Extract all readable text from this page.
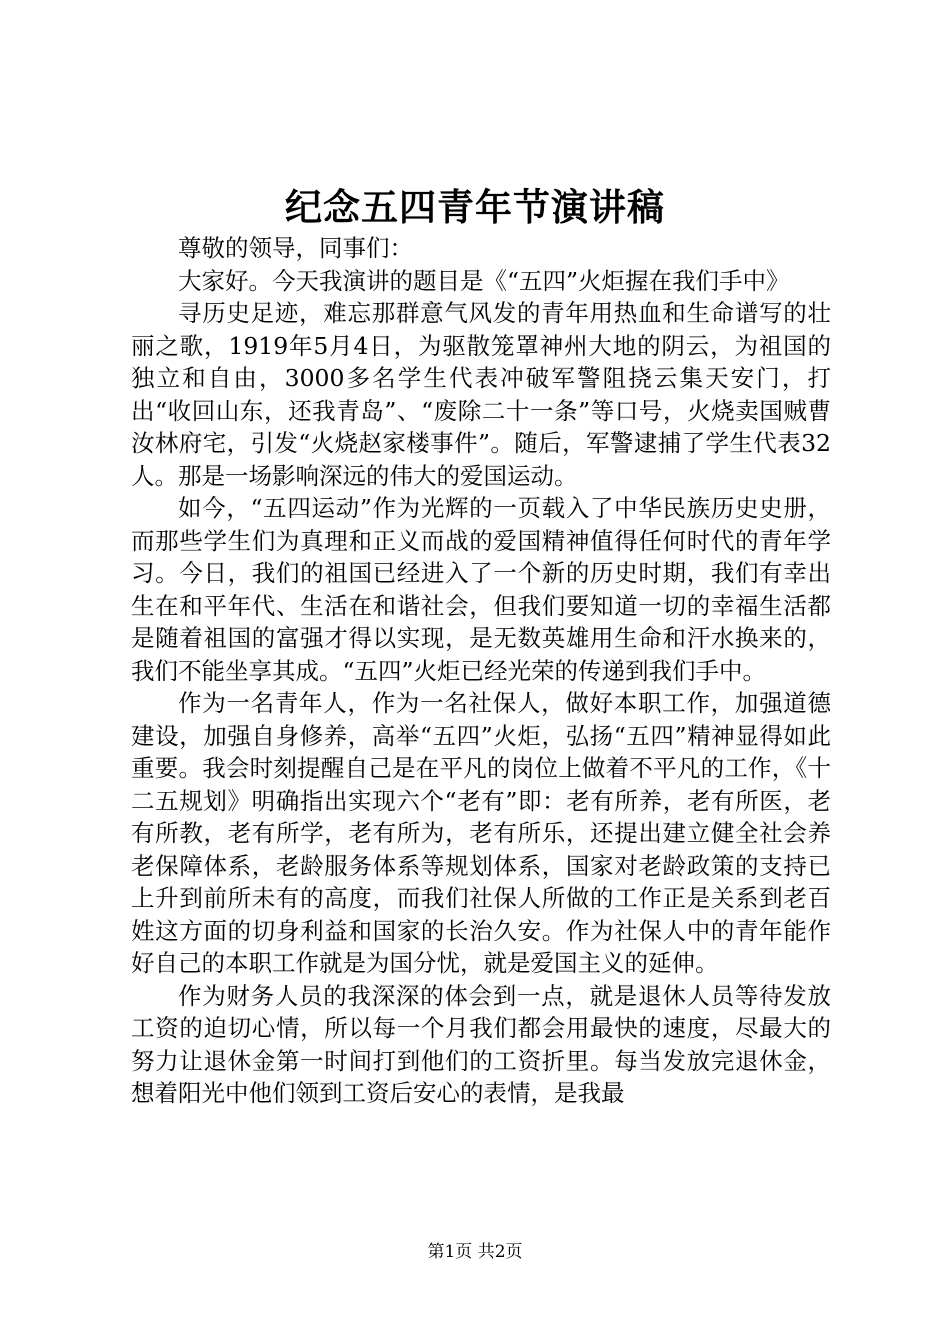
纪念五四青年节演讲稿

尊敬的领导，同事们：

大家好。今天我演讲的题目是《“五四”火炬握在我们手中》

寻历史足迹，难忘那群意气风发的青年用热血和生命谱写的壮丽之歌，1919年5月4日，为驱散笼罩神州大地的阴云，为祖国的独立和自由，3000多名学生代表冲破军警阻挠云集天安门，打出“收回山东，还我青岛”、“废除二十一条”等口号，火烧卖国贼曹汝林府宅，引发“火烧赵家楼事件”。随后，军警逮捕了学生代表32人。那是一场影响深远的伟大的爱国运动。

如今，“五四运动”作为光辉的一页载入了中华民族历史史册，而那些学生们为真理和正义而战的爱国精神值得任何时代的青年学习。今日，我们的祖国已经进入了一个新的历史时期，我们有幸出生在和平年代、生活在和谐社会，但我们要知道一切的幸福生活都是随着祖国的富强才得以实现，是无数英雄用生命和汗水换来的，我们不能坐享其成。“五四”火炬已经光荣的传递到我们手中。

作为一名青年人，作为一名社保人，做好本职工作，加强道德建设，加强自身修养，高举“五四”火炬，弘扬“五四”精神显得如此重要。我会时刻提醒自己是在平凡的岗位上做着不平凡的工作，《十二五规划》明确指出实现六个“老有”即：老有所养，老有所医，老有所教，老有所学，老有所为，老有所乐，还提出建立健全社会养老保障体系，老龄服务体系等规划体系，国家对老龄政策的支持已上升到前所未有的高度，而我们社保人所做的工作正是关系到老百姓这方面的切身利益和国家的长治久安。作为社保人中的青年能作好自己的本职工作就是为国分忧，就是爱国主义的延伸。

作为财务人员的我深深的体会到一点，就是退休人员等待发放工资的迫切心情，所以每一个月我们都会用最快的速度，尽最大的努力让退休金第一时间打到他们的工资折里。每当发放完退休金，想着阳光中他们领到工资后安心的表情，是我最

第1页 共2页
